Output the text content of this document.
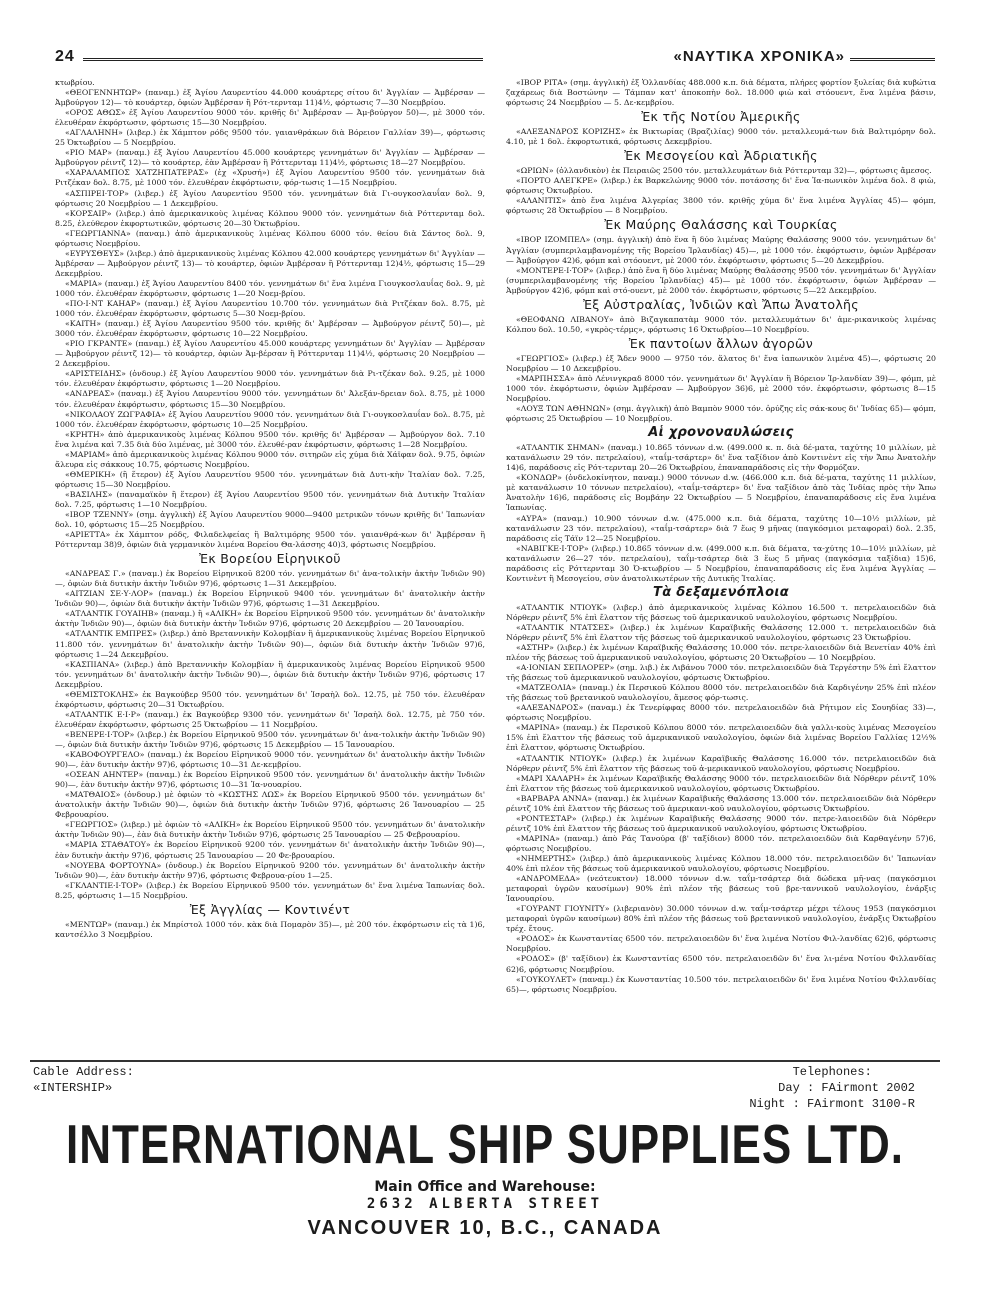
24	«ΝΑΥΤΙΚΑ ΧΡΟΝΙΚΑ»

κτωβρίου.

«ΘΕΟΓΕΝΝΗΤΩΡ» (παναμ.) ἐξ Ἁγίου Λαυρεντίου 44.000 κουάρτερς σίτου δι' Ἀγγλίαν — Ἀμβέρσαν — Ἀμβούργον 12)— τὸ κουάρτερ, ὀφιὼν Ἀμβέρσαν ἢ Ρότ-τερνταμ 11)4½, φόρτωσις 7—30 Νοεμβρίου.

«ΟΡΟΣ ΑΘΩΣ» ἐξ Ἁγίου Λαυρεντίου 9000 τόν. κριθῆς δι' Ἀμβέρσαν — Ἀμ-βούργον 50)—, μὲ 3000 τόν. ἐλευθέραν ἐκφόρτωσιν, φόρτωσις 15—30 Νοεμβρίου.

«ΑΓΛΑΛΗΝΗ» (λιβερ.) ἐκ Χάμπτον ρόδς 9500 τόν. γαιανθράκων διὰ Βόρειον Γαλλίαν 39)—, φόρτωσις 25 Ὀκτωβρίου — 5 Νοεμβρίου.

«ΡΙΟ ΜΑΡ» (παναμ.) ἐξ Ἁγίου Λαυρεντίου 45.000 κουάρτερς γεννημάτων δι' Ἀγγλίαν — Ἀμβέρσαν — Ἀμβούργον ρέιντζ 12)— τὸ κουάρτερ, ἐὰν Ἀμβέρσαν ἢ Ρόττερνταμ 11)4½, φόρτωσις 18—27 Νοεμβρίου.

«ΧΑΡΑΛΑΜΠΟΣ ΧΑΤΖΗΠΑΤΕΡΑΣ» (ἐχ «Χρυσή») ἐξ Ἁγίου Λαυρεντίου 9500 τόν. γεννημάτων διὰ Ριτζέκαν δολ. 8.75, μὲ 1000 τόν. ἐλευθέραν ἐκφόρτωσιν, φόρ-τωσις 1—15 Νοεμβρίου.

«ΑΣΠΙΡΕΙ·ΤΟΡ» (λιβερ.) ἐξ Ἁγίου Λαυρεντίου 9500 τόν. γεννημάτων διὰ Γι-ουγκοσλαυΐαν δολ. 9, φόρτωσις 20 Νοεμβρίου — 1 Δεκεμβρίου.

«ΚΟΡΣΑΙΡ» (λιβερ.) ἀπὸ ἀμερικανικοὺς λιμένας Κόλπου 9000 τόν. γεννημάτων διὰ Ρόττερνταμ δολ. 8.25, ἐλεύθερον ἐκφορτωτικῶν, φόρτωσις 20—30 Ὀκτωβρίου.

«ΓΕΩΡΓΙΑΝΝΑ» (παναμ.) ἀπὸ ἀμερικανικοὺς λιμένας Κόλπου 6000 τόν. θείου διὰ Σάντος δολ. 9, φόρτωσις Νοεμβρίου.

«ΕΥΡΥΣΘΕΥΣ» (λιβερ.) ἀπὸ ἀμερικανικοὺς λιμένας Κόλπου 42.000 κουάρτερς γεννημάτων δι' Ἀγγλίαν — Ἀμβέρσαν — Ἀμβούργον ρέιντζ 13)— τὸ κουάρτερ, ὀφιὼν Ἀμβέρσαν ἢ Ρόττερνταμ 12)4½, φόρτωσις 15—29 Δεκεμβρίου.

«ΜΑΡΙΑ» (παναμ.) ἐξ Ἁγίου Λαυρεντίου 8400 τόν. γεννημάτων δι' ἕνα λιμένα Γιουγκοσλαυΐας δολ. 9, μὲ 1000 τόν. ἐλευθέραν ἐκφόρτωσιν, φόρτωσις 1—20 Νοεμ-βρίου.

«ΠΟ·Ι·ΝΤ ΚΑΗΑΡ» (παναμ.) ἐξ Ἁγίου Λαυρεντίου 10.700 τόν. γεννημάτων διὰ Ριτζέκαν δολ. 8.75, μὲ 1000 τόν. ἐλευθέραν ἐκφόρτωσιν, φόρτωσις 5—30 Νοεμ-βρίου.

«ΚΑΙΤΗ» (παναμ.) ἐξ Ἁγίου Λαυρεντίου 9500 τόν. κριθῆς δι' Ἀμβέρσαν — Ἀμβούργον ρέιντζ 50)—, μὲ 3000 τόν. ἐλευθέραν ἐκφόρτωσιν, φόρτωσις 10—22 Νοεμβρίου.

«ΡΙΟ ΓΚΡΑΝΤΕ» (παναμ.) ἐξ Ἁγίου Λαυρεντίου 45.000 κουάρτερς γεννημάτων δι' Ἀγγλίαν — Ἀμβέρσαν — Ἀμβούργον ρέιντζ 12)— τὸ κουάρτερ, ὀφιὼν Ἀμ-βέρσαν ἢ Ρόττερνταμ 11)4½, φόρτωσις 20 Νοεμβρίου — 2 Δεκεμβρίου.

«ΑΡΙΣΤΕΙΔΗΣ» (ὀνδουρ.) ἐξ Ἁγίου Λαυρεντίου 9000 τόν. γεννημάτων διὰ Ρι-τζέκαν δολ. 9.25, μὲ 1000 τόν. ἐλευθέραν ἐκφόρτωσιν, φόρτωσις 1—20 Νοεμβρίου.

«ΑΝΔΡΕΑΣ» (παναμ.) ἐξ Ἁγίου Λαυρεντίου 9000 τόν. γεννημάτων δι' Ἀλεξάν-δρειαν δολ. 8.75, μὲ 1000 τόν. ἐλευθέραν ἐκφόρτωσιν, φόρτωσις 15—30 Νοεμβρίου.

«ΝΙΚΟΛΑΟΥ ΖΩΓΡΑΦΙΑ» ἐξ Ἁγίου Λαυρεντίου 9000 τόν. γεννημάτων διὰ Γι-ουγκοσλαυΐαν δολ. 8.75, μὲ 1000 τόν. ἐλευθέραν ἐκφόρτωσιν, φόρτωσις 10—25 Νοεμβρίου.

«ΚΡΗΤΗ» ἀπὸ ἀμερικανικοὺς λιμένας Κόλπου 9500 τόν. κριθῆς δι' Ἀμβέρσαν — Ἀμβούργον δολ. 7.10 ἕνα λιμένα καὶ 7.35 διὰ δύο λιμένας, μὲ 3000 τόν. ἐλευθέ-ραν ἐκφόρτωσιν, φόρτωσις 1—28 Νοεμβρίου.

«ΜΑΡΙΑΜ» ἀπὸ ἀμερικανικοὺς λιμένας Κόλπου 9000 τόν. σιτηρῶν εἰς χύμα διὰ Χάϊφαν δολ. 9.75, ὀφιὼν ἄλευρα εἰς σάκκους 10.75, φόρτωσις Νοεμβρίου.

«ΘΜΕΡΙΚΗ» (ἢ ἕτερον) ἐξ Ἁγίου Λαυρεντίου 9500 τόν. γεννημάτων διὰ Δυτι-κὴν Ἰταλίαν δολ. 7.25, φόρτωσις 15—30 Νοεμβρίου.

«ΒΑΣΙΛΗΣ» (παναμαϊκὸν ἢ ἕτερον) ἐξ Ἁγίου Λαυρεντίου 9500 τόν. γεννημάτων διὰ Δυτικὴν Ἰταλίαν δολ. 7.25, φόρτωσις 1—10 Νοεμβρίου.

«ΙΒΟΡ ΤΖΕΝΝΥ» (σημ. ἀγγλικὴ) ἐξ Ἁγίου Λαυρεντίου 9000—9400 μετρικῶν τόνων κριθῆς δι' Ἰαπωνίαν δολ. 10, φόρτωσις 15—25 Νοεμβρίου.

«ΑΡΙΕΤΤΑ» ἐκ Χάμπτον ρόδς, Φιλαδελφείας ἢ Βαλτιμόρης 9500 τόν. γαιανθρά-κων δι' Ἀμβέρσαν ἢ Ρόττερνταμ 38)9, ὀφιὼν διὰ γερμανικὸν λιμένα Βορείου Θα-λάσσης 40)3, φόρτωσις Νοεμβρίου.

Ἐκ Βορείου Εἰρηνικοῦ

«ΑΝΔΡΕΑΣ Γ.» (παναμ.) ἐκ Βορείου Εἰρηνικοῦ 8200 τόν. γεννημάτων δι' ἀνα-τολικὴν ἀκτὴν Ἰνδιῶν 90)—, ὀφιὼν διὰ δυτικὴν ἀκτὴν Ἰνδιῶν 97)6, φόρτωσις 1—31 Δεκεμβρίου.

«ΑΙΤΖΙΑΝ ΣΕ·Υ·ΛΟΡ» (παναμ.) ἐκ Βορείου Εἰρηνικοῦ 9400 τόν. γεννημάτων δι' ἀνατολικὴν ἀκτὴν Ἰνδιῶν 90)—, ὀφιὼν διὰ δυτικὴν ἀκτὴν Ἰνδιῶν 97)6, φόρτωσις 1—31 Δεκεμβρίου.

«ΑΤΛΑΝΤΙΚ ΓΟΥΑΙΗΒ» (παναμ.) ἢ «ΑΛΙΚΗ» ἐκ Βορείου Εἰρηνικοῦ 9500 τόν. γεννημάτων δι' ἀνατολικὴν ἀκτὴν Ἰνδιῶν 90)—, ὀφιὼν διὰ δυτικὴν ἀκτὴν Ἰνδιῶν 97)6, φόρτωσις 20 Δεκεμβρίου — 20 Ἰανουαρίου.

«ΑΤΛΑΝΤΙΚ ΕΜΠΡΕΣ» (λιβερ.) ἀπὸ Βρεταννικὴν Κολομβίαν ἢ ἀμερικανικοὺς λιμένας Βορείου Εἰρηνικοῦ 11.800 τόν. γεννημάτων δι' ἀνατολικὴν ἀκτὴν Ἰνδιῶν 90)—, ὀφιὼν διὰ δυτικὴν ἀκτὴν Ἰνδιῶν 97)6, φόρτωσις 1—24 Δεκεμβρίου.

«ΚΑΣΠΙΑΝΑ» (λιβερ.) ἀπὸ Βρεταννικὴν Κολομβίαν ἢ ἀμερικανικοὺς λιμένας Βορείου Εἰρηνικοῦ 9500 τόν. γεννημάτων δι' ἀνατολικὴν ἀκτὴν Ἰνδιῶν 90)—, ὀφιὼν διὰ δυτικὴν ἀκτὴν Ἰνδιῶν 97)6, φόρτωσις 17 Δεκεμβρίου.

«ΘΕΜΙΣΤΟΚΛΗΣ» ἐκ Βαγκούβερ 9500 τόν. γεννημάτων δι' Ἰσραὴλ δολ. 12.75, μὲ 750 τόν. ἐλευθέραν ἐκφόρτωσιν, φόρτωσις 20—31 Ὀκτωβρίου.

«ΑΤΛΑΝΤΙΚ Ε·Ι·Ρ» (παναμ.) ἐκ Βαγκούβερ 9300 τόν. γεννημάτων δι' Ἰσραὴλ δολ. 12.75, μὲ 750 τόν. ἐλευθέραν ἐκφόρτωσιν, φόρτωσις 25 Ὀκτωβρίου — 11 Νοεμβρίου.

«ΒΕΝΕΡΕ·Ι·ΤΟΡ» (λιβερ.) ἐκ Βορείου Εἰρηνικοῦ 9500 τόν. γεννημάτων δι' ἀνα-τολικὴν ἀκτὴν Ἰνδιῶν 90)—, ὀφιὼν διὰ δυτικὴν ἀκτὴν Ἰνδιῶν 97)6, φόρτωσις 15 Δεκεμβρίου — 15 Ἰανουαρίου.

«ΚΑΒΟΦΟΥΡΓΕΛΟ» (παναμ.) ἐκ Βορείου Εἰρηνικοῦ 9000 τόν. γεννημάτων δι' ἀνατολικὴν ἀκτὴν Ἰνδιῶν 90)—, ἐὰν δυτικὴν ἀκτὴν 97)6, φόρτωσις 10—31 Δε-κεμβρίου.

«ΟΣΕΑΝ ΑΗΝΤΕΡ» (παναμ.) ἐκ Βορείου Εἰρηνικοῦ 9500 τόν. γεννημάτων δι' ἀνατολικὴν ἀκτὴν Ἰνδιῶν 90)—, ἐὰν δυτικὴν ἀκτὴν 97)6, φόρτωσις 10—31 Ἰα-νουαρίου.

«ΜΑΤΘΑΙΟΣ» (ὀνδουρ.) μὲ ὀφιὼν τὸ «ΚΩΣΤΗΣ ΛΩΣ» ἐκ Βορείου Εἰρηνικοῦ 9500 τόν. γεννημάτων δι' ἀνατολικὴν ἀκτὴν Ἰνδιῶν 90)—, ὀφιὼν διὰ δυτικὴν ἀκτὴν Ἰνδιῶν 97)6, φόρτωσις 26 Ἰανουαρίου — 25 Φεβρουαρίου.

«ΓΕΩΡΓΙΟΣ» (λιβερ.) μὲ ὀφιὼν τὸ «ΑΛΙΚΗ» ἐκ Βορείου Εἰρηνικοῦ 9500 τόν. γεννημάτων δι' ἀνατολικὴν ἀκτὴν Ἰνδιῶν 90)—, ἐὰν διὰ δυτικὴν ἀκτὴν Ἰνδιῶν 97)6, φόρτωσις 25 Ἰανουαρίου — 25 Φεβρουαρίου.

«ΜΑΡΙΑ ΣΤΑΘΑΤΟΥ» ἐκ Βορείου Εἰρηνικοῦ 9200 τόν. γεννημάτων δι' ἀνατολικὴν ἀκτὴν Ἰνδιῶν 90)—, ἐὰν δυτικὴν ἀκτὴν 97)6, φόρτωσις 25 Ἰανουαρίου — 20 Φε-βρουαρίου.

«ΝΟΥΕΒΑ ΦΟΡΤΟΥΝΑ» (ὀνδουρ.) ἐκ Βορείου Εἰρηνικοῦ 9200 τόν. γεννημάτων δι' ἀνατολικὴν ἀκτὴν Ἰνδιῶν 90)—, ἐὰν δυτικὴν ἀκτὴν 97)6, φόρτωσις Φεβρουα-ρίου 1—25.

«ΓΚΛΑΝΤΙΕ·Ι·ΤΟΡ» (λιβερ.) ἐκ Βορείου Εἰρηνικοῦ 9500 τόν. γεννημάτων δι' ἕνα λιμένα Ἰαπωνίας δολ. 8.25, φόρτωσις 1—15 Νοεμβρίου.

Ἐξ Ἀγγλίας — Κοντινέντ

«ΜΕΝΤΩΡ» (παναμ.) ἐκ Μπρίστολ 1000 τόν. κὰκ διὰ Πομαρὸν 35)—, μὲ 200 τόν. ἐκφόρτωσιν εἰς τὰ 1)6, καντσέλλο 3 Νοεμβρίου.

«ΙΒΟΡ ΡΙΤΑ» (σημ. ἀγγλικὴ) ἐξ Ὁλλανδίας 488.000 κ.π. διὰ δέματα, πλήρες φορτίον ξυλείας διὰ κυβώτια ζαχάρεως διὰ Βοστώνην — Τάμπαν κατ' ἀποκοπὴν δολ. 18.000 φιὼ καὶ στόουεντ, ἕνα λιμένα βάσιν, φόρτωσις 24 Νοεμβρίου — 5. Δε-κεμβρίου.

Ἐκ τῆς Νοτίου Ἀμερικῆς

«ΑΛΕΞΑΝΔΡΟΣ ΚΟΡΙΖΗΣ» ἐκ Βικτωρίας (Βραζιλίας) 9000 τόν. μεταλλευμά-των διὰ Βαλτιμόρην δολ. 4.10, μὲ 1 δολ. ἐκφορτωτικά, φόρτωσις Δεκεμβρίου.

Ἐκ Μεσογείου καὶ Ἀδριατικῆς

«ΩΡΙΩΝ» (ὀλλανδικὸν) ἐκ Πειραιῶς 2500 τόν. μεταλλευμάτων διὰ Ρόττερνταμ 32)—, φόρτωσις ἄμεσος.

«ΠΟΡΤΟ ΑΛΕΓΚΡΕ» (λιβερ.) ἐκ Βαρκελώνης 9000 τόν. ποτάσσης δι' ἕνα Ἰα-πωνικὸν λιμένα δολ. 8 φιὼ, φόρτωσις Ὀκτωβρίου.

«ΑΛΑΝΙΤΙΣ» ἀπὸ ἕνα λιμένα Ἀλγερίας 3800 τόν. κριθῆς χύμα δι' ἕνα λιμένα Ἀγγλίας 45)— φόμπ, φόρτωσις 28 Ὀκτωβρίου — 8 Νοεμβρίου.

Ἐκ Μαύρης Θαλάσσης καὶ Τουρκίας

«ΙΒΟΡ ΙΖΟΜΠΕΛ» (σημ. ἀγγλικὴ) ἀπὸ ἕνα ἢ δύο λιμένας Μαύρης Θαλάσσης 9000 τόν. γεννημάτων δι' Ἀγγλίαν (συμπεριλαμβανομένης τῆς Βορείου Ἰρλανδίας) 45)—, μὲ 1000 τόν. ἐκφόρτωσιν, ὀφιὼν Ἀμβέρσαν — Ἀμβούργον 42)6, φόμπ καὶ στόουεντ, μὲ 2000 τόν. ἐκφόρτωσιν, φόρτωσις 5—20 Δεκεμβρίου.

«ΜΟΝΤΕΡΕ·Ι·ΤΟΡ» (λιβερ.) ἀπὸ ἕνα ἢ δύο λιμένας Μαύρης Θαλάσσης 9500 τόν. γεννημάτων δι' Ἀγγλίαν (συμπεριλαμβανομένης τῆς Βορείου Ἰρλανδίας) 45)— μὲ 1000 τόν. ἐκφόρτωσιν, ὀφιὼν Ἀμβέρσαν — Ἀμβούργον 42)6, φόμπ καὶ στό-ουεντ, μὲ 2000 τόν. ἐκφόρτωσιν, φόρτωσις 5—22 Δεκεμβρίου.

Ἐξ Αὐστραλίας, Ἰνδιῶν καὶ Ἄπω Ἀνατολῆς

«ΘΕΟΦΑΝΩ ΛΙΒΑΝΟΥ» ἀπὸ Βιζαγκαπατὰμ 9000 τόν. μεταλλευμάτων δι' ἀμε-ρικανικοὺς λιμένας Κόλπου δολ. 10.50, «γκρὸς-τέρμς», φόρτωσις 16 Ὀκτωβρίου—10 Νοεμβρίου.

Ἐκ παντοίων ἄλλων ἀγορῶν

«ΓΕΩΡΓΙΟΣ» (λιβερ.) ἐξ Ἄδεν 9000 — 9750 τόν. ἅλατος δι' ἕνα ἰαπωνικὸν λιμένα 45)—, φόρτωσις 20 Νοεμβρίου — 10 Δεκεμβρίου.

«ΜΑΡΠΗΣΣΑ» ἀπὸ Λένινγκραδ 8000 τόν. γεννημάτων δι' Ἀγγλίαν ἢ Βόρειον Ἰρ-λανδίαν 39)—, φόμπ, μὲ 1000 τόν. ἐκφόρτωσιν, ὀφιὼν Ἀμβέρσαν — Ἀμβούργον 36)6, μὲ 2000 τόν. ἐκφόρτωσιν, φόρτωσις 8—15 Νοεμβρίου.

«ΛΟΥΞ ΤΩΝ ΑΘΗΝΩΝ» (σημ. ἀγγλικὴ) ἀπὸ Βαμπὸν 9000 τόν. ὀρύζης εἰς σάκ-κους δι' Ἰνδίας 65)— φόμπ, φόρτωσις 25 Ὀκτωβρίου — 10 Νοεμβρίου.

Αἱ χρονοναυλώσεις

«ΑΤΛΑΝΤΙΚ ΣΗΜΑΝ» (παναμ.) 10.865 τόννων d.w. (499.000 κ. π. διὰ δέ-ματα, ταχύτης 10 μιλλίων, μὲ κατανάλωσιν 29 τόν. πετρελαίου), «ταΐμ-τσάρτερ» δι' ἕνα ταξίδιον ἀπὸ Κοντινὲντ εἰς τὴν Ἄπω Ἀνατολὴν 14)6, παράδοσις εἰς Ρότ-τερνταμ 20—26 Ὀκτωβρίου, ἐπαναπαράδοσις εἰς τὴν Φορμόζαν.

«ΚΟΝΔΩΡ» (ὀνδελοκίνητον, παναμ.) 9000 τόννων d.w. (466.000 κ.π. διὰ δέ-ματα, ταχύτης 11 μιλλίων, μὲ κατανάλωσιν 10 τόννων πετρελαίου), «ταΐμ-τσάρτερ» δι' ἕνα ταξίδιον ἀπὸ τὰς Ἰνδίας πρὸς τὴν Ἄπω Ἀνατολὴν 16)6, παράδοσις εἰς Βομβάην 22 Ὀκτωβρίου — 5 Νοεμβρίου, ἐπαναπαράδοσις εἰς ἕνα λιμένα Ἰαπωνίας.

«ΑΥΡΑ» (παναμ.) 10.900 τόννων d.w. (475.000 κ.π. διὰ δέματα, ταχύτης 10—10½ μιλλίων, μὲ κατανάλωσιν 23 τόν. πετρελαίου), «ταΐμ-τσάρτερ» διὰ 7 ἕως 9 μῆνας (παγκόσμιοι μεταφοραὶ) δολ. 2.35, παράδοσις εἰς Τάϊν 12—25 Νοεμβρίου.

«ΝΑΒΙΓΚΕ·Ι·ΤΟΡ» (λιβερ.) 10.865 τόννων d.w. (499.000 κ.π. διὰ δέματα, τα-χύτης 10—10½ μιλλίων, μὲ κατανάλωσιν 26—27 τόν. πετρελαίου), ταΐμ-τσάρτερ διὰ 3 ἕως 5 μῆνας (παγκόσμια ταξίδια) 15)6, παράδοσις εἰς Ρόττερνταμ 30 Ὀ-κτωβρίου — 5 Νοεμβρίου, ἐπαναπαράδοσις εἰς ἕνα λιμένα Ἀγγλίας — Κοντινὲντ ἢ Μεσογείου, σὺν ἀνατολικωτέρων τῆς Δυτικῆς Ἰταλίας.

Τὰ δεξαμενόπλοια

«ΑΤΛΑΝΤΙΚ ΝΤΙΟΥΚ» (λιβερ.) ἀπὸ ἀμερικανικοὺς λιμένας Κόλπου 16.500 τ. πετρελαιοειδῶν διὰ Νόρθερν ρέιντζ 5% ἐπὶ ἔλαττον τῆς βάσεως τοῦ ἀμερικανικοῦ ναυλολογίου, φόρτωσις Νοεμβρίου.

«ΑΤΛΑΝΤΙΚ ΝΤΑΤΣΕΣ» (λιβερ.) ἐκ λιμένων Καραϊβικῆς Θαλάσσης 12.000 τ. πετρελαιοειδῶν διὰ Νόρθερν ρέιντζ 5% ἐπὶ ἔλαττον τῆς βάσεως τοῦ ἀμερικανικοῦ ναυλολογίου, φόρτωσις 23 Ὀκτωβρίου.

«ΑΣΤΗΡ» (λιβερ.) ἐκ λιμένων Καραϊβικῆς Θαλάσσης 10.000 τόν. πετρε-λαιοειδῶν διὰ Βενετίαν 40% ἐπὶ πλέον τῆς βάσεως τοῦ ἀμερικανικοῦ ναυλολογίου, φόρτωσις 20 Ὀκτωβρίου — 10 Νοεμβρίου.

«Α·ΙΟΝΙΑΝ ΣΕΠΛΟΡΕΡ» (σημ. λιβ.) ἐκ Λιβάνου 7000 τόν. πετρελαιοειδῶν διὰ Τεργέστην 5% ἐπὶ ἔλαττον τῆς βάσεως τοῦ ἀμερικανικοῦ ναυλολογίου, φόρτωσις Ὀκτωβρίου.

«ΜΑΤΖΕΟΛΙΑ» (παναμ.) ἐκ Περσικοῦ Κόλπου 8000 τόν. πετρελαιοειδῶν διὰ Καρδιγένην 25% ἐπὶ πλέον τῆς βάσεως τοῦ βρετανικοῦ ναυλολογίου, ἄμεσος φόρ-τωσις.

«ΑΛΕΞΑΝΔΡΟΣ» (παναμ.) ἐκ Τενερίφφας 8000 τόν. πετρελαιοειδῶν διὰ Ρήτιμον εἰς Σουηδίας 33)—, φόρτωσις Νοεμβρίου.

«ΜΑΡΙΝΑ» (παναμ.) ἐκ Περσικοῦ Κόλπου 8000 τόν. πετρελαιοειδῶν διὰ γαλλι-κοὺς λιμένας Μεσογείου 15% ἐπὶ ἔλαττον τῆς βάσεως τοῦ ἀμερικανικοῦ ναυλολογίου, ὀφιὼν διὰ λιμένας Βορείου Γαλλίας 12½% ἐπὶ ἔλαττον, φόρτωσις Ὀκτωβρίου.

«ΑΤΛΑΝΤΙΚ ΝΤΙΟΥΚ» (λιβερ.) ἐκ λιμένων Καραϊβικῆς Θαλάσσης 16.000 τόν. πετρελαιοειδῶν διὰ Νόρθερν ρέιντζ 5% ἐπὶ ἔλαττον τῆς βάσεως τοῦ ἀ-μερικανικοῦ ναυλολογίου, φόρτωσις Νοεμβρίου.

«ΜΑΡΙ ΧΑΛΑΡΗ» ἐκ λιμένων Καραϊβικῆς Θαλάσσης 9000 τόν. πετρελαιοειδῶν διὰ Νόρθερν ρέιντζ 10% ἐπὶ ἔλαττον τῆς βάσεως τοῦ ἀμερικανικοῦ ναυλολογίου, φόρτωσις Ὀκτωβρίου.

«ΒΑΡΒΑΡΑ ΑΝΝΑ» (παναμ.) ἐκ λιμένων Καραϊβικῆς Θαλάσσης 13.000 τόν. πετρελαιοειδῶν διὰ Νόρθερν ρέιντζ 10% ἐπὶ ἔλαττον τῆς βάσεως τοῦ ἀμερικανι-κοῦ ναυλολογίου, φόρτωσις Ὀκτωβρίου.

«ΡΟΝΤΕΣΤΑΡ» (λιβερ.) ἐκ λιμένων Καραϊβικῆς Θαλάσσης 9000 τόν. πετρε-λαιοειδῶν διὰ Νόρθερν ρέιντζ 10% ἐπὶ ἔλαττον τῆς βάσεως τοῦ ἀμερικανικοῦ ναυλολογίου, φόρτωσις Ὀκτωβρίου.

«ΜΑΡΙΝΑ» (παναμ.) ἀπὸ Ράς Τανούρα (β' ταξίδιον) 8000 τόν. πετρελαιοειδῶν διὰ Καρθαγένην 57)6, φόρτωσις Νοεμβρίου.

«ΝΗΜΕΡΤΗΣ» (λιβερ.) ἀπὸ ἀμερικανικοὺς λιμένας Κόλπου 18.000 τόν. πετρελαιοειδῶν δι' Ἰαπωνίαν 40% ἐπὶ πλέον τῆς βάσεως τοῦ ἀμερικανικοῦ ναυλολογίου, φόρτωσις Νοεμβρίου.

«ΑΝΔΡΟΜΕΔΑ» (νεότευκτον) 18.000 τόννων d.w. ταΐμ-τσάρτερ διὰ δώδεκα μῆ-νας (παγκόσμιοι μεταφοραὶ ὑγρῶν καυσίμων) 90% ἐπὶ πλέον τῆς βάσεως τοῦ βρε-ταννικοῦ ναυλολογίου, ἐνάρξις Ἰανουαρίου.

«ΓΟΥΡΑΝΤ ΓΙΟΥΝΙΤΥ» (λιβεριανὸν) 30.000 τόννων d.w. ταΐμ-τσάρτερ μέχρι τέλους 1953 (παγκόσμιοι μεταφοραὶ ὑγρῶν καυσίμων) 80% ἐπὶ πλέον τῆς βάσεως τοῦ βρεταννικοῦ ναυλολογίου, ἐνάρξις Ὀκτωβρίου τρέχ. ἔτους.

«ΡΟΔΟΣ» ἐκ Κωνσταντίας 6500 τόν. πετρελαιοειδῶν δι' ἕνα λιμένα Νοτίου Φιλ-λανδίας 62)6, φόρτωσις Νοεμβρίου.

«ΡΟΔΟΣ» (β' ταξίδιον) ἐκ Κωνσταντίας 6500 τόν. πετρελαιοειδῶν δι' ἕνα λι-μένα Νοτίου Φιλλανδίας 62)6, φόρτωσις Νοεμβρίου.

«ΓΟΥΚΟΥΛΕΤ» (παναμ.) ἐκ Κωνσταντίας 10.500 τόν. πετρελαιοειδῶν δι' ἕνα λιμένα Νοτίου Φιλλανδίας 65)—, φόρτωσις Νοεμβρίου.

Cable Address:
«INTERSHIP»
Telephones:
Day : FAirmont 2002
Night : FAirmont 3100-R
INTERNATIONAL SHIP SUPPLIES LTD.
Main Office and Warehouse:
2632 ALBERTA STREET
VANCOUVER 10, B.C., CANADA
